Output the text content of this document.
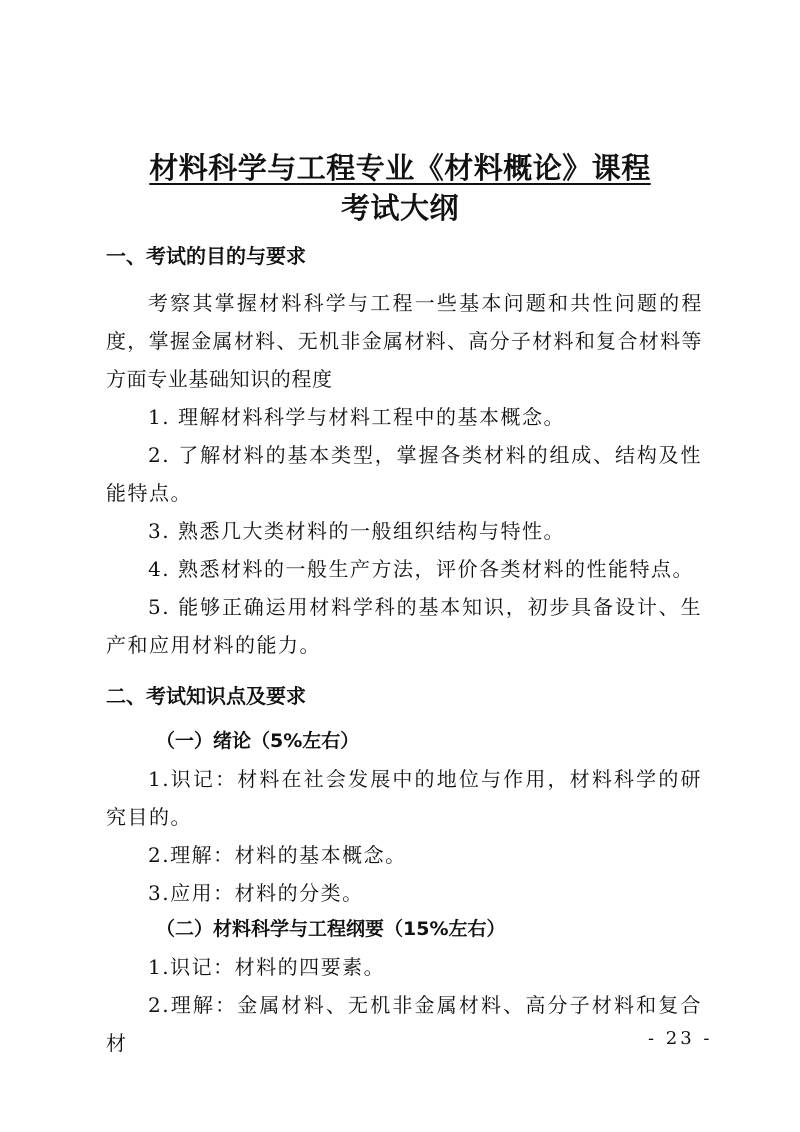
材料科学与工程专业《材料概论》课程
考试大纲
一、考试的目的与要求
考察其掌握材料科学与工程一些基本问题和共性问题的程度，掌握金属材料、无机非金属材料、高分子材料和复合材料等方面专业基础知识的程度
1. 理解材料科学与材料工程中的基本概念。
2. 了解材料的基本类型，掌握各类材料的组成、结构及性能特点。
3. 熟悉几大类材料的一般组织结构与特性。
4. 熟悉材料的一般生产方法，评价各类材料的性能特点。
5. 能够正确运用材料学科的基本知识，初步具备设计、生产和应用材料的能力。
二、考试知识点及要求
（一）绪论（5%左右）
1.识记：材料在社会发展中的地位与作用，材料科学的研究目的。
2.理解：材料的基本概念。
3.应用：材料的分类。
（二）材料科学与工程纲要（15%左右）
1.识记：材料的四要素。
2.理解：金属材料、无机非金属材料、高分子材料和复合材	- 23 -
